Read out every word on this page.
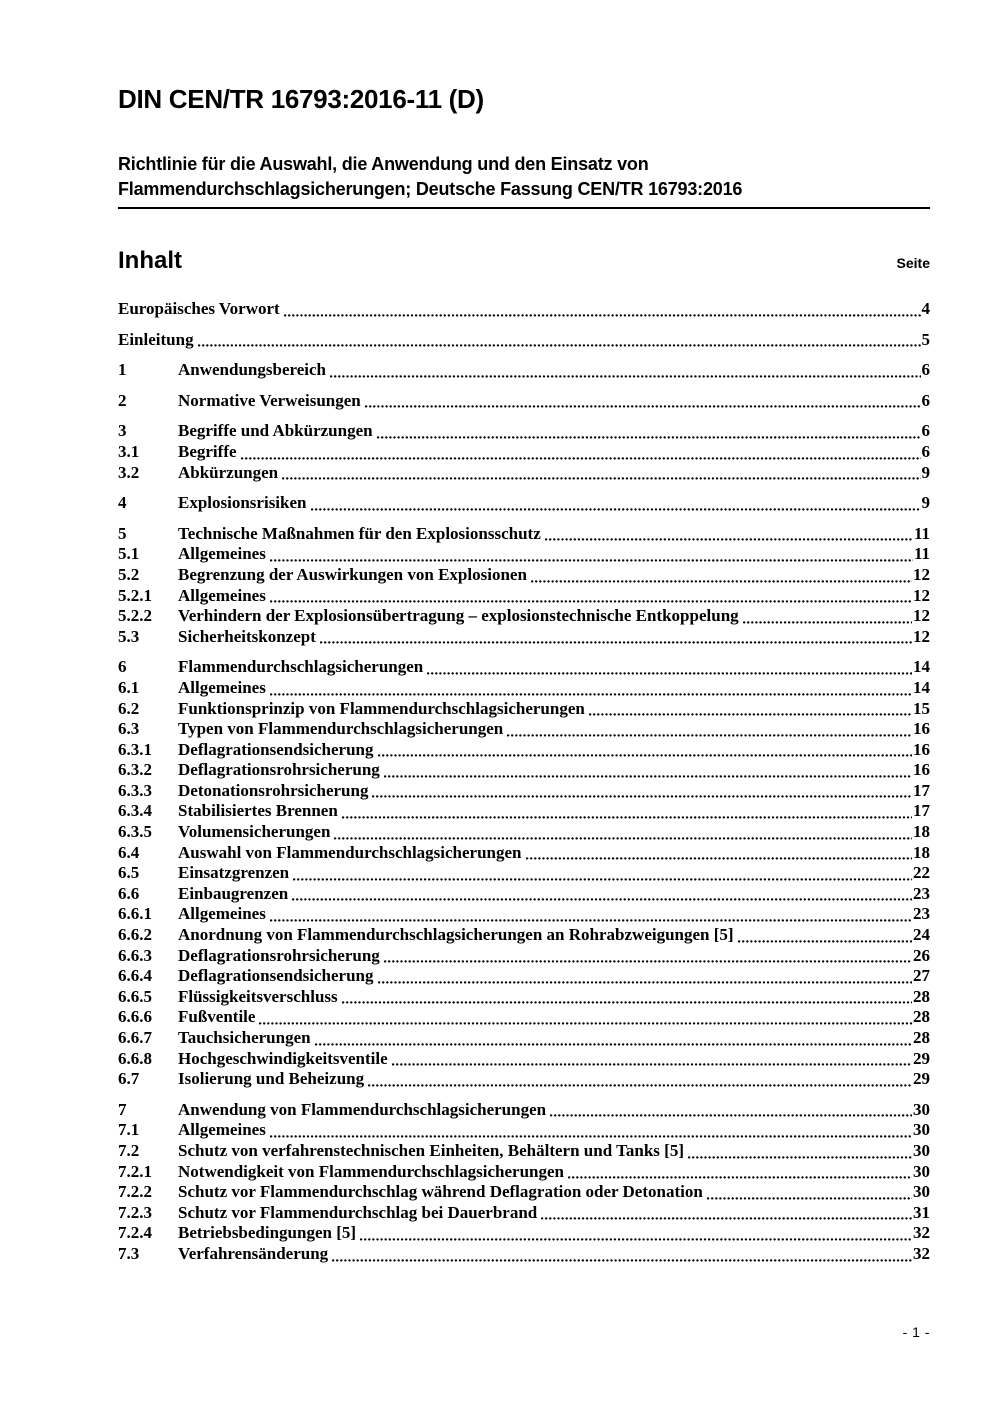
DIN CEN/TR 16793:2016-11 (D)
Richtlinie für die Auswahl, die Anwendung und den Einsatz von
Flammendurchschlagsicherungen; Deutsche Fassung CEN/TR 16793:2016
Inhalt	Seite
Europäisches Vorwort	4
Einleitung	5
1	Anwendungsbereich	6
2	Normative Verweisungen	6
3	Begriffe und Abkürzungen	6
3.1	Begriffe	6
3.2	Abkürzungen	9
4	Explosionsrisiken	9
5	Technische Maßnahmen für den Explosionsschutz	11
5.1	Allgemeines	11
5.2	Begrenzung der Auswirkungen von Explosionen	12
5.2.1	Allgemeines	12
5.2.2	Verhindern der Explosionsübertragung – explosionstechnische Entkoppelung	12
5.3	Sicherheitskonzept	12
6	Flammendurchschlagsicherungen	14
6.1	Allgemeines	14
6.2	Funktionsprinzip von Flammendurchschlagsicherungen	15
6.3	Typen von Flammendurchschlagsicherungen	16
6.3.1	Deflagrationsendsicherung	16
6.3.2	Deflagrationsrohrsicherung	16
6.3.3	Detonationsrohrsicherung	17
6.3.4	Stabilisiertes Brennen	17
6.3.5	Volumensicherungen	18
6.4	Auswahl von Flammendurchschlagsicherungen	18
6.5	Einsatzgrenzen	22
6.6	Einbaugrenzen	23
6.6.1	Allgemeines	23
6.6.2	Anordnung von Flammendurchschlagsicherungen an Rohrabzweigungen [5]	24
6.6.3	Deflagrationsrohrsicherung	26
6.6.4	Deflagrationsendsicherung	27
6.6.5	Flüssigkeitsverschluss	28
6.6.6	Fußventile	28
6.6.7	Tauchsicherungen	28
6.6.8	Hochgeschwindigkeitsventile	29
6.7	Isolierung und Beheizung	29
7	Anwendung von Flammendurchschlagsicherungen	30
7.1	Allgemeines	30
7.2	Schutz von verfahrenstechnischen Einheiten, Behältern und Tanks [5]	30
7.2.1	Notwendigkeit von Flammendurchschlagsicherungen	30
7.2.2	Schutz vor Flammendurchschlag während Deflagration oder Detonation	30
7.2.3	Schutz vor Flammendurchschlag bei Dauerbrand	31
7.2.4	Betriebsbedingungen [5]	32
7.3	Verfahrensänderung	32
- 1 -
